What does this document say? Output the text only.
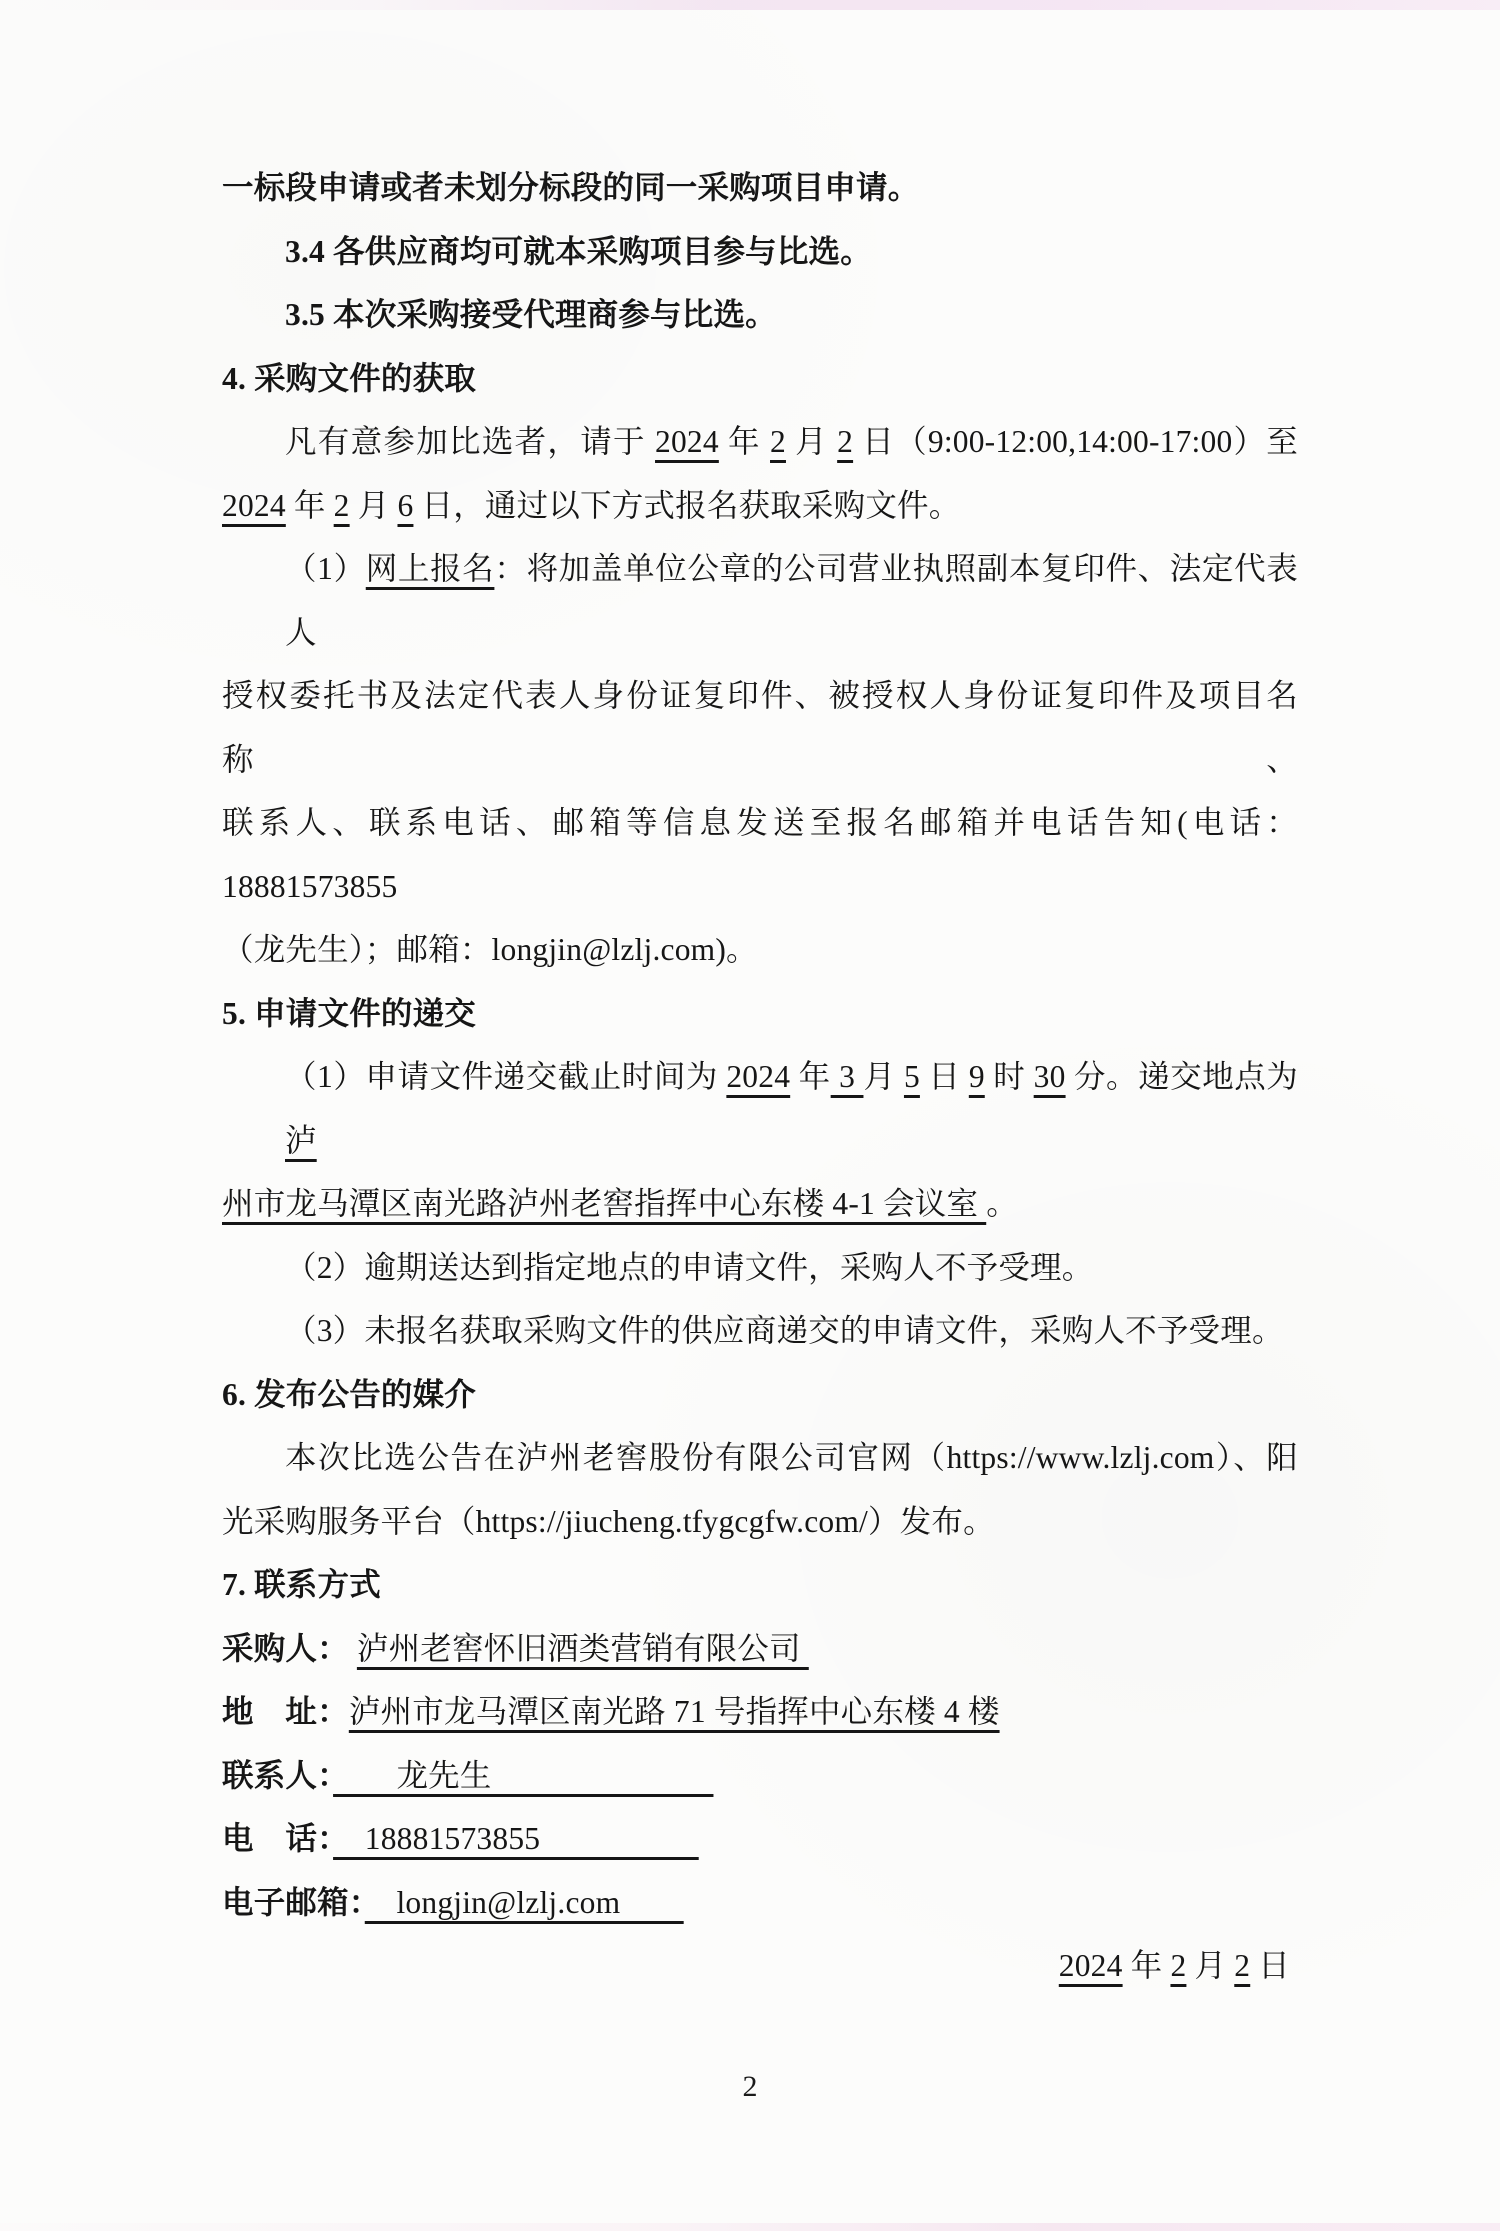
一标段申请或者未划分标段的同一采购项目申请。
3.4 各供应商均可就本采购项目参与比选。
3.5 本次采购接受代理商参与比选。
4. 采购文件的获取
凡有意参加比选者，请于 2024 年 2 月 2 日（9:00-12:00,14:00-17:00）至
2024 年 2 月 6 日，通过以下方式报名获取采购文件。
（1）网上报名：将加盖单位公章的公司营业执照副本复印件、法定代表人
授权委托书及法定代表人身份证复印件、被授权人身份证复印件及项目名称、
联系人、联系电话、邮箱等信息发送至报名邮箱并电话告知(电话：18881573855
（龙先生）；邮箱：longjin@lzlj.com)。
5. 申请文件的递交
（1）申请文件递交截止时间为 2024 年 3 月 5 日 9 时 30 分。递交地点为泸
州市龙马潭区南光路泸州老窖指挥中心东楼 4-1 会议室 。
（2）逾期送达到指定地点的申请文件，采购人不予受理。
（3）未报名获取采购文件的供应商递交的申请文件，采购人不予受理。
6. 发布公告的媒介
本次比选公告在泸州老窖股份有限公司官网（https://www.lzlj.com）、阳
光采购服务平台（https://jiucheng.tfygcgfw.com/）发布。
7. 联系方式
采购人： 泸州老窖怀旧酒类营销有限公司
地　址：泸州市龙马潭区南光路 71 号指挥中心东楼 4 楼
联系人：　　龙先生　　　　　　　
电　话：　18881573855　　　　　
电子邮箱：　longjin@lzlj.com　　
2024 年 2 月 2 日
2
